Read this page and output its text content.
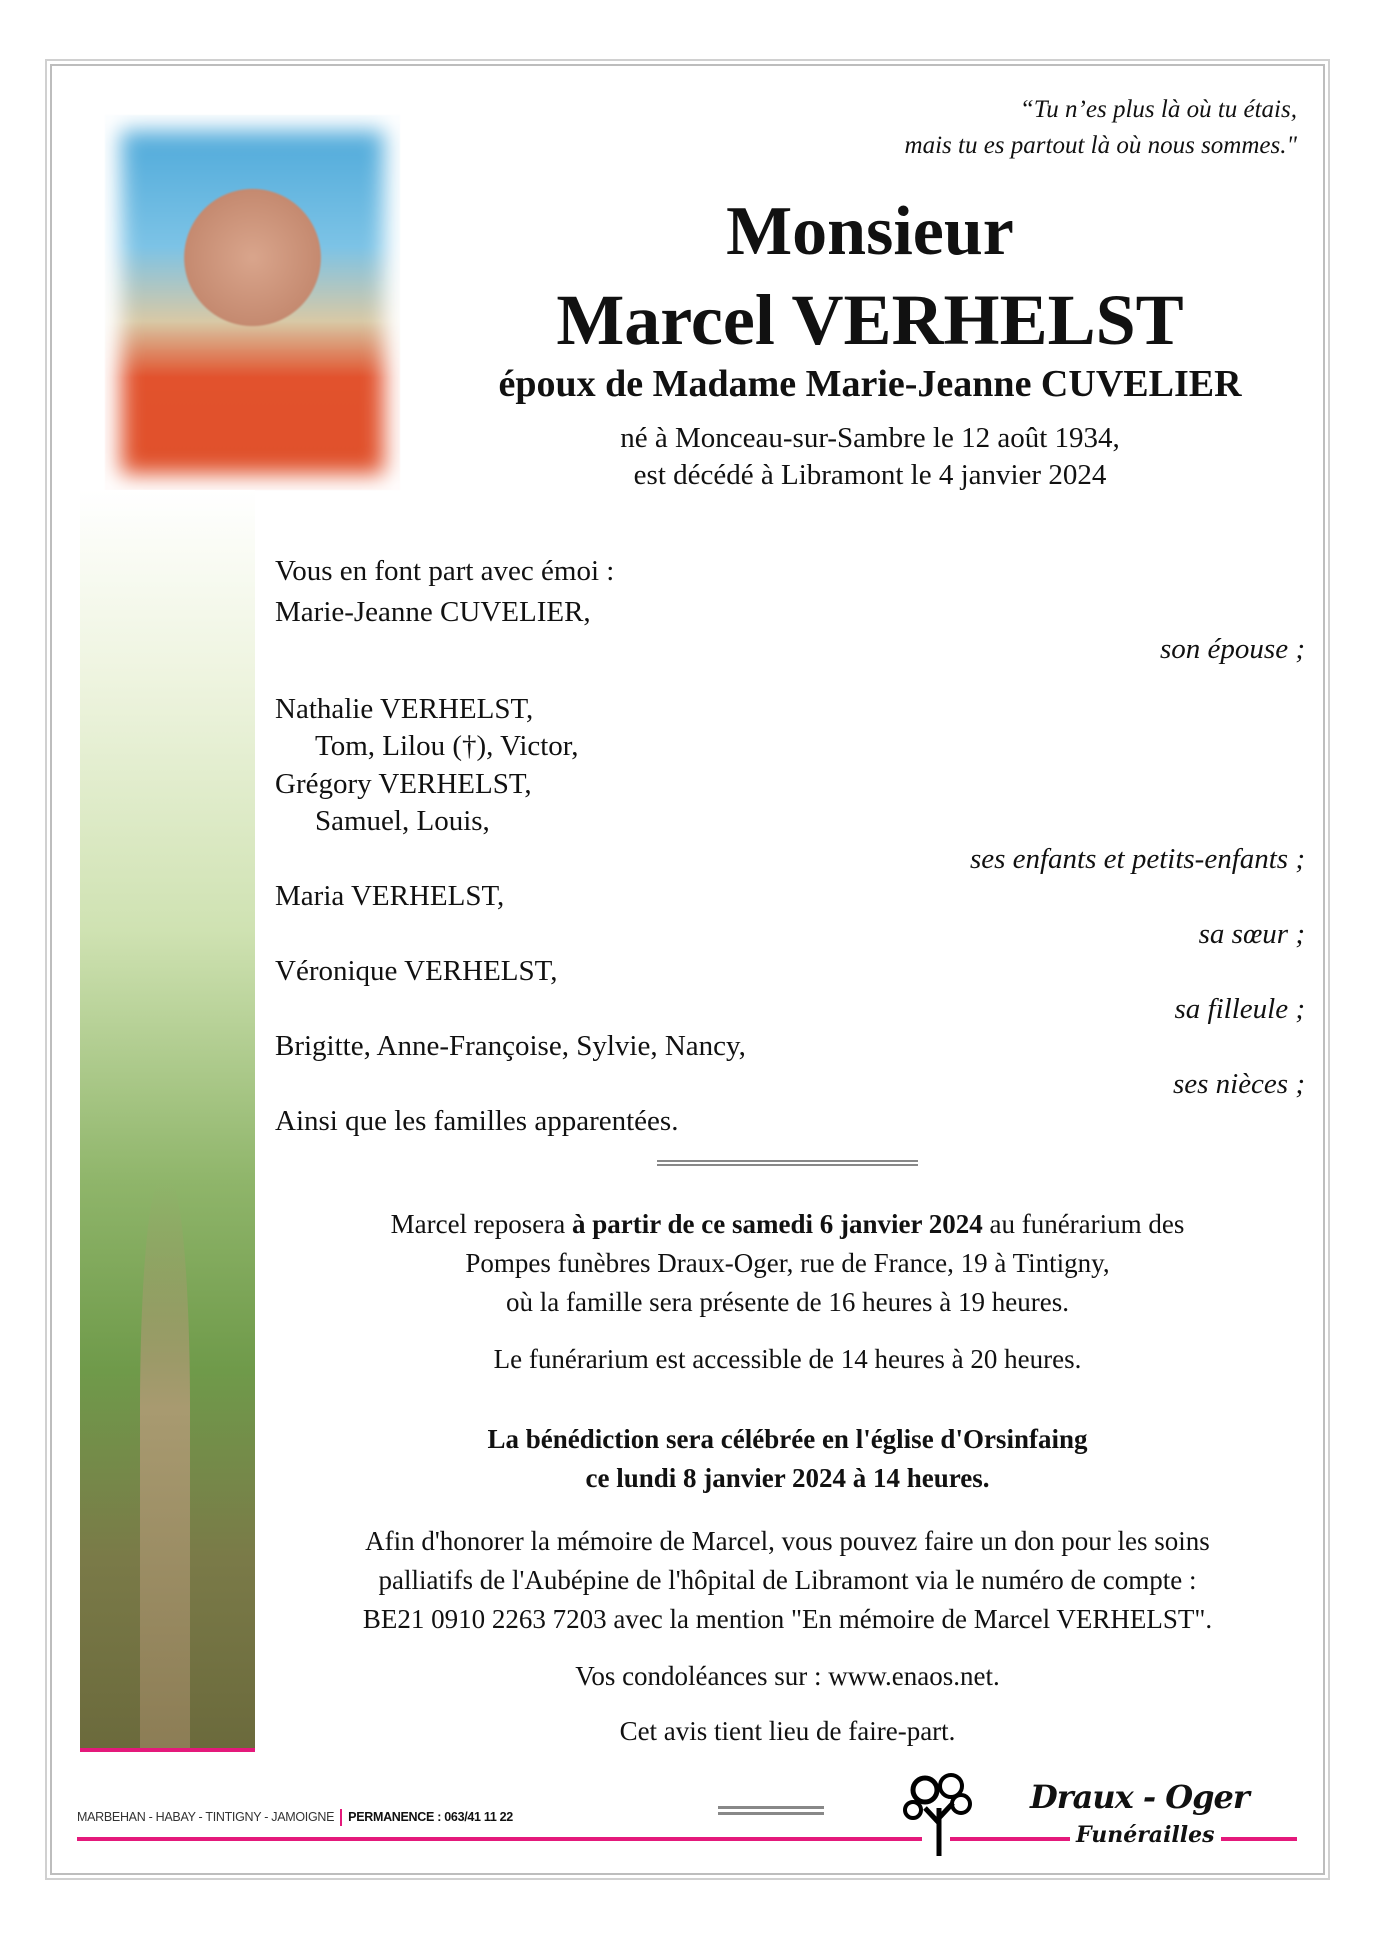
“Tu n’es plus là où tu étais,
mais tu es partout là où nous sommes."
Monsieur
Marcel VERHELST
époux de Madame Marie-Jeanne CUVELIER
né à Monceau-sur-Sambre le 12 août 1934,
est décédé à Libramont le 4 janvier 2024
Vous en font part avec émoi :
Marie-Jeanne CUVELIER,
son épouse ;
Nathalie VERHELST,
Tom, Lilou (†), Victor,
Grégory VERHELST,
Samuel, Louis,
ses enfants et petits-enfants ;
Maria VERHELST,
sa sœur ;
Véronique VERHELST,
sa filleule ;
Brigitte, Anne-Françoise, Sylvie, Nancy,
ses nièces ;
Ainsi que les familles apparentées.
Marcel reposera à partir de ce samedi 6 janvier 2024 au funérarium des
Pompes funèbres Draux-Oger, rue de France, 19 à Tintigny,
où la famille sera présente de 16 heures à 19 heures.
Le funérarium est accessible de 14 heures à 20 heures.
La bénédiction sera célébrée en l'église d'Orsinfaing
ce lundi 8 janvier 2024 à 14 heures.
Afin d'honorer la mémoire de Marcel, vous pouvez faire un don pour les soins
palliatifs de l'Aubépine de l'hôpital de Libramont via le numéro de compte :
BE21 0910 2263 7203 avec la mention "En mémoire de Marcel VERHELST".
Vos condoléances sur : www.enaos.net.
Cet avis tient lieu de faire-part.
MARBEHAN - HABAY - TINTIGNY - JAMOIGNE PERMANENCE : 063/41 11 22
Draux - Oger
Funérailles
